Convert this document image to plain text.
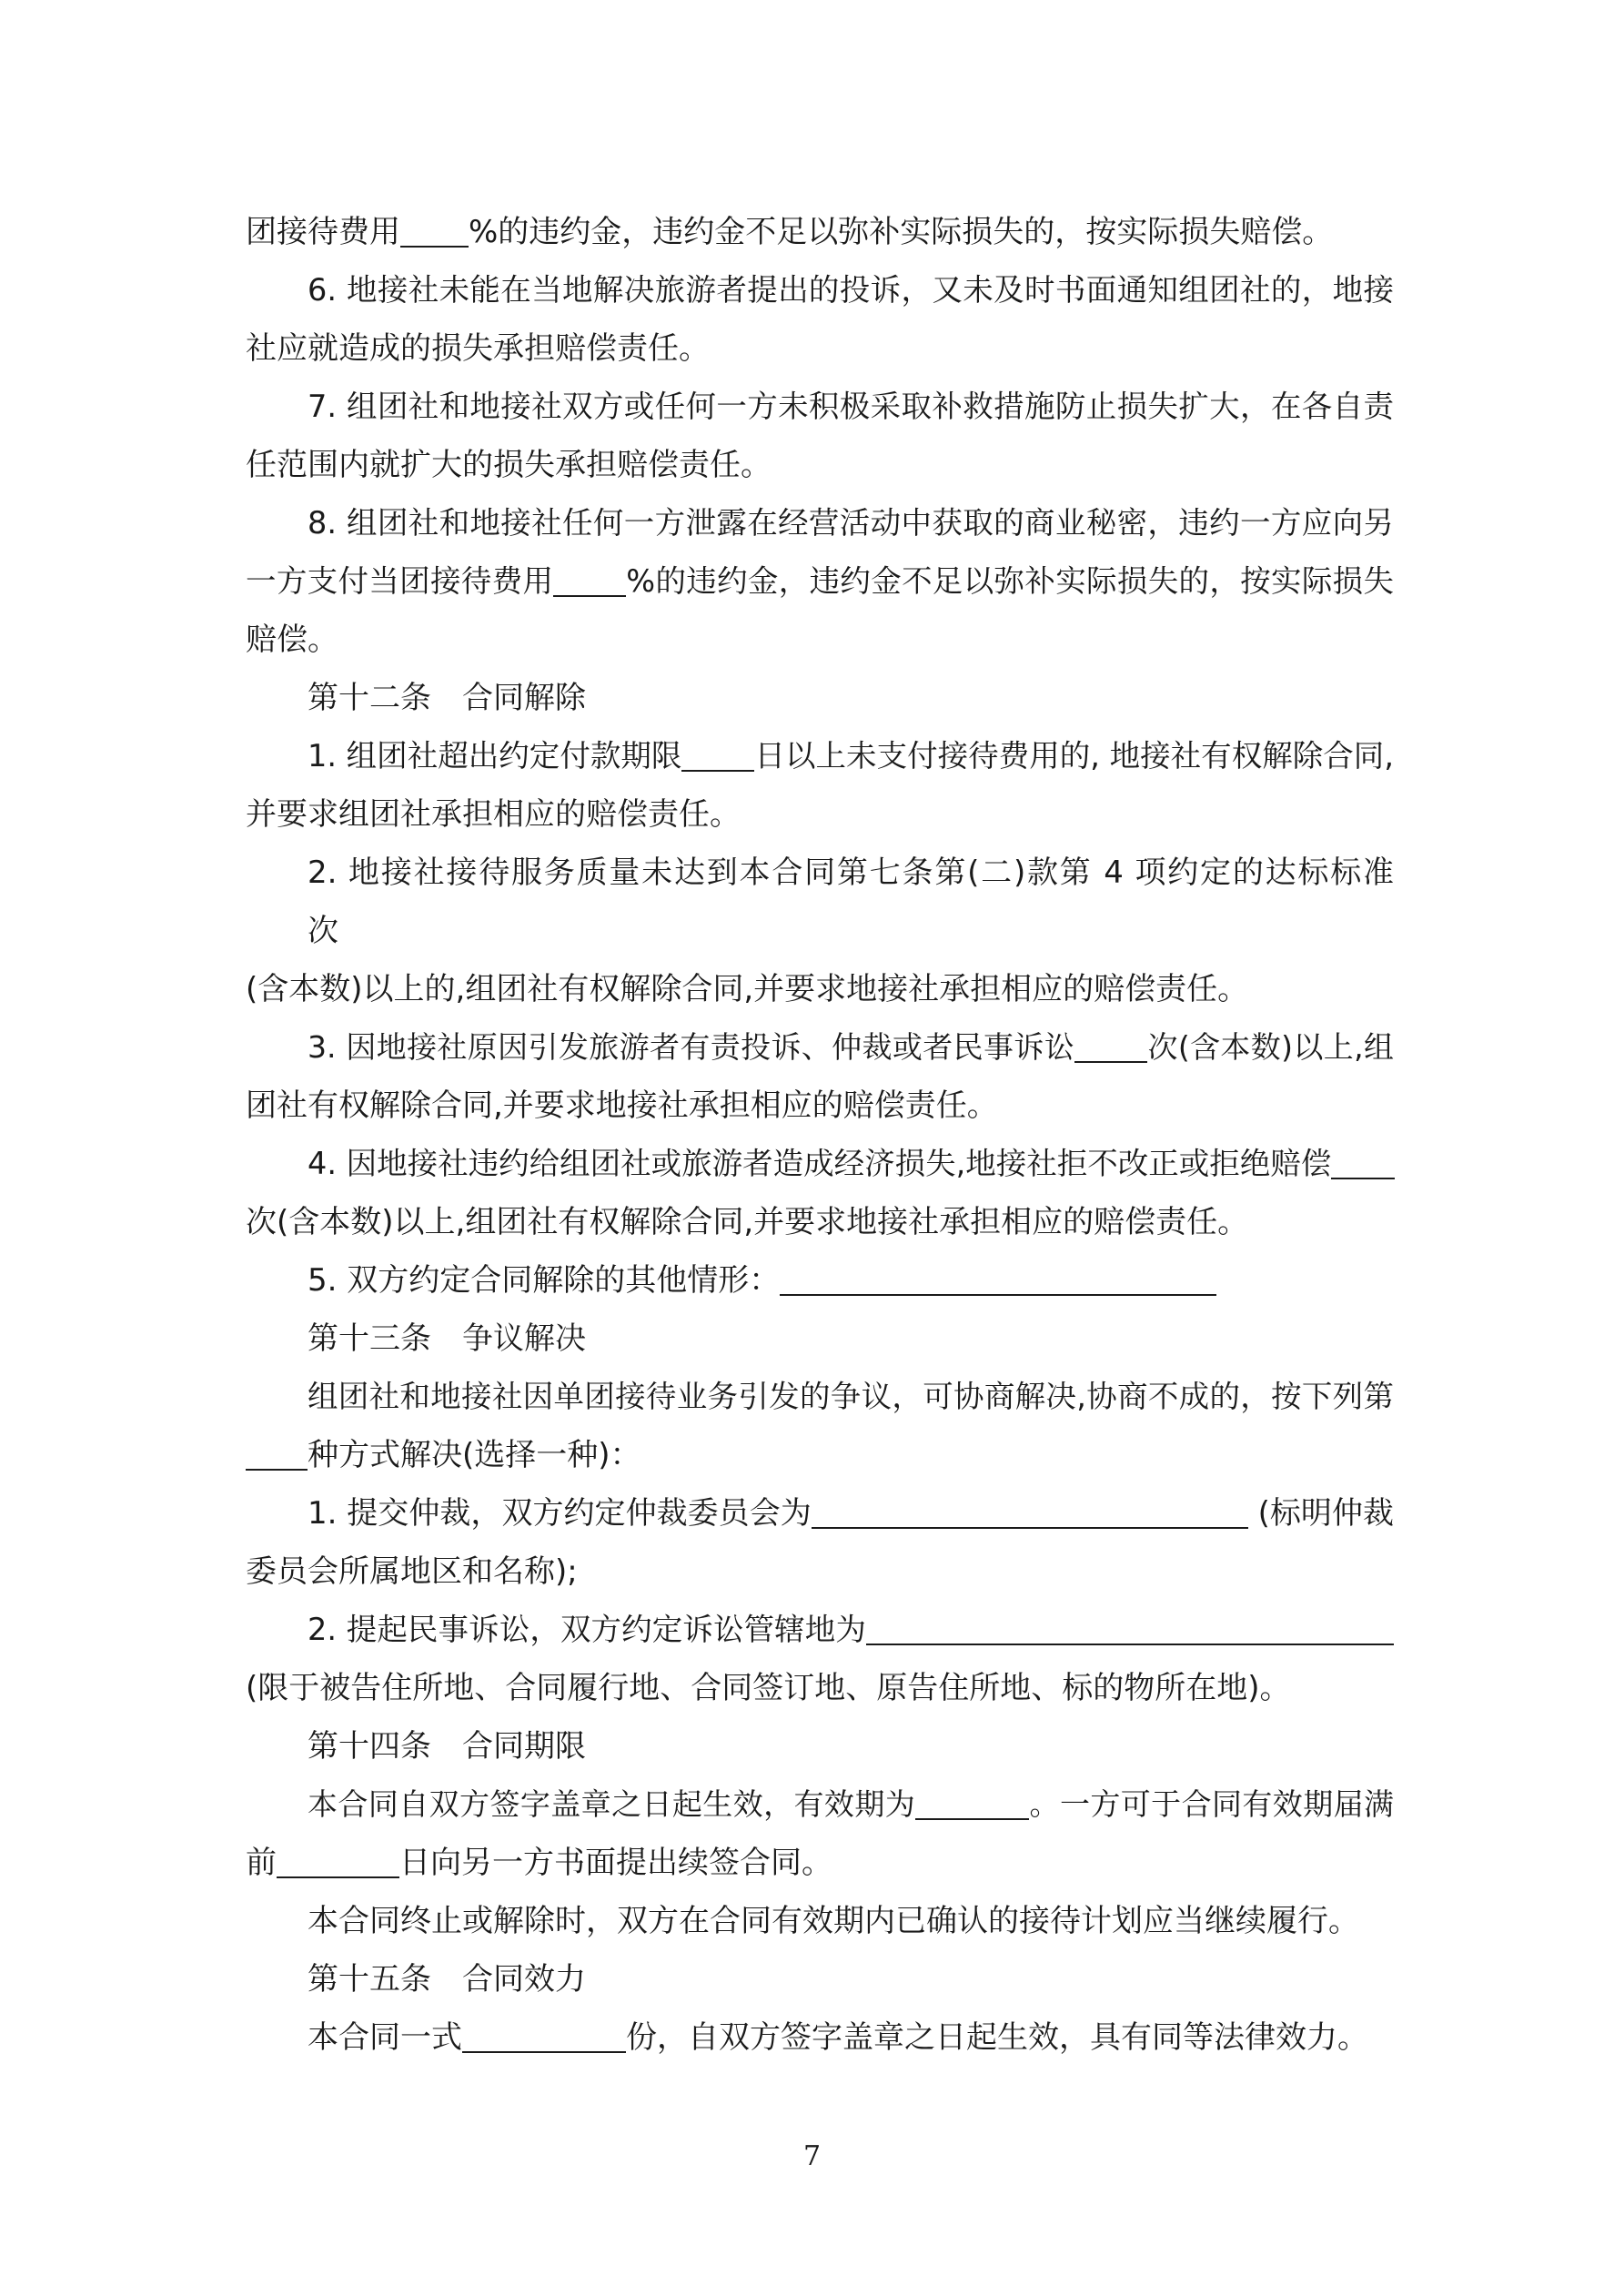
团接待费用 %的违约金，违约金不足以弥补实际损失的，按实际损失赔偿。
6. 地接社未能在当地解决旅游者提出的投诉，又未及时书面通知组团社的，地接
社应就造成的损失承担赔偿责任。
7. 组团社和地接社双方或任何一方未积极采取补救措施防止损失扩大，在各自责
任范围内就扩大的损失承担赔偿责任。
8. 组团社和地接社任何一方泄露在经营活动中获取的商业秘密，违约一方应向另
一方支付当团接待费用 %的违约金，违约金不足以弥补实际损失的，按实际损失
赔偿。
第十二条　合同解除
1. 组团社超出约定付款期限 日以上未支付接待费用的, 地接社有权解除合同,
并要求组团社承担相应的赔偿责任。
2. 地接社接待服务质量未达到本合同第七条第(二)款第 4 项约定的达标标准
次
(含本数)以上的,组团社有权解除合同,并要求地接社承担相应的赔偿责任。
3. 因地接社原因引发旅游者有责投诉、仲裁或者民事诉讼 次(含本数)以上,组
团社有权解除合同,并要求地接社承担相应的赔偿责任。
4. 因地接社违约给组团社或旅游者造成经济损失,地接社拒不改正或拒绝赔偿
次(含本数)以上,组团社有权解除合同,并要求地接社承担相应的赔偿责任。
5. 双方约定合同解除的其他情形：
第十三条　争议解决
组团社和地接社因单团接待业务引发的争议，可协商解决,协商不成的，按下列第
种方式解决(选择一种)：
1. 提交仲裁，双方约定仲裁委员会为	(标明仲裁
委员会所属地区和名称);
2. 提起民事诉讼，双方约定诉讼管辖地为
(限于被告住所地、合同履行地、合同签订地、原告住所地、标的物所在地)。
第十四条　合同期限
本合同自双方签字盖章之日起生效，有效期为	。一方可于合同有效期届满
前	日向另一方书面提出续签合同。
本合同终止或解除时，双方在合同有效期内已确认的接待计划应当继续履行。
第十五条　合同效力
本合同一式	份，自双方签字盖章之日起生效，具有同等法律效力。
7
